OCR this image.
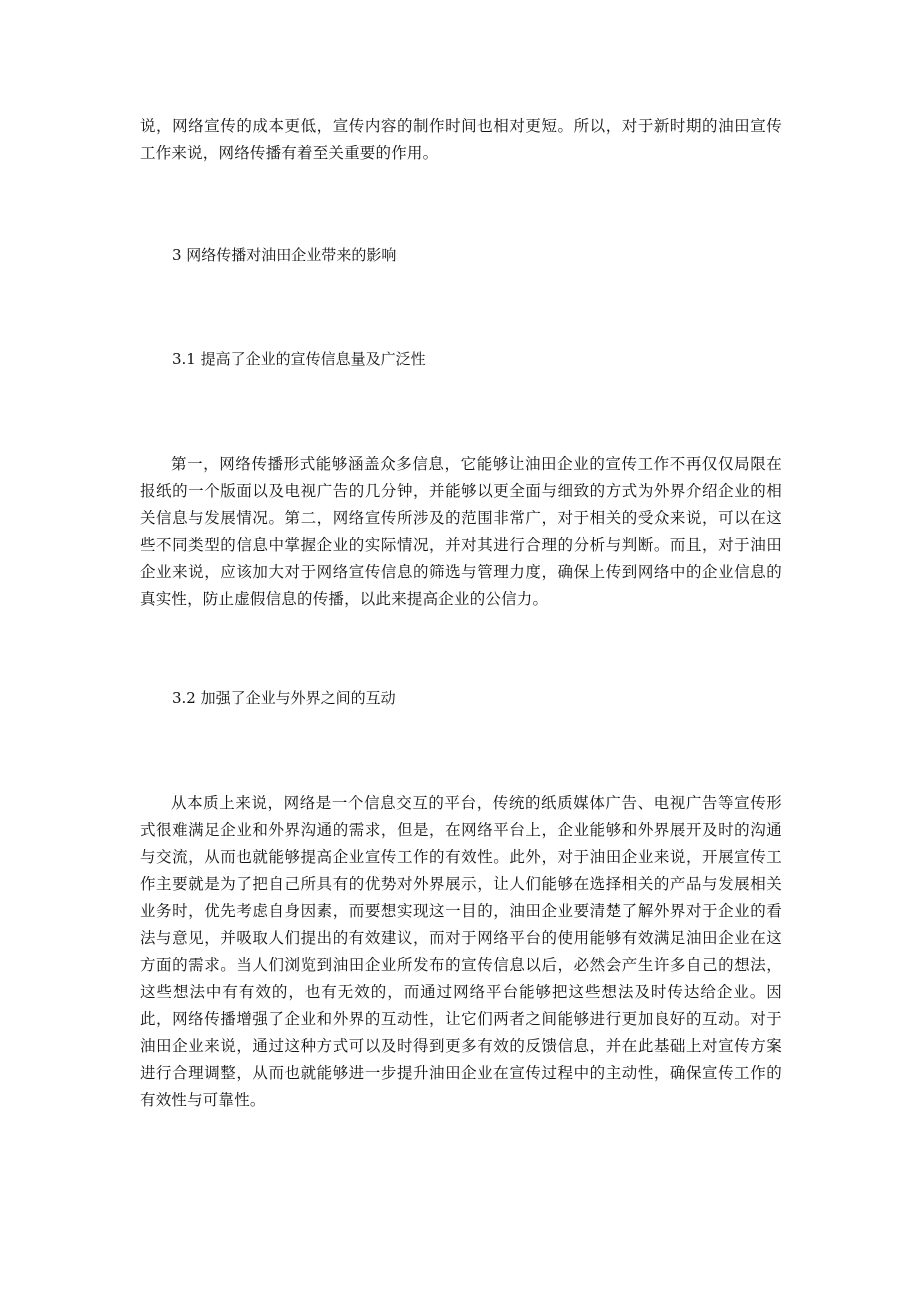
说，网络宣传的成本更低，宣传内容的制作时间也相对更短。所以，对于新时期的油田宣传工作来说，网络传播有着至关重要的作用。

3 网络传播对油田企业带来的影响
3.1 提高了企业的宣传信息量及广泛性

第一，网络传播形式能够涵盖众多信息，它能够让油田企业的宣传工作不再仅仅局限在报纸的一个版面以及电视广告的几分钟，并能够以更全面与细致的方式为外界介绍企业的相关信息与发展情况。第二，网络宣传所涉及的范围非常广，对于相关的受众来说，可以在这些不同类型的信息中掌握企业的实际情况，并对其进行合理的分析与判断。而且，对于油田企业来说，应该加大对于网络宣传信息的筛选与管理力度，确保上传到网络中的企业信息的真实性，防止虚假信息的传播，以此来提高企业的公信力。

3.2 加强了企业与外界之间的互动

从本质上来说，网络是一个信息交互的平台，传统的纸质媒体广告、电视广告等宣传形式很难满足企业和外界沟通的需求，但是，在网络平台上，企业能够和外界展开及时的沟通与交流，从而也就能够提高企业宣传工作的有效性。此外，对于油田企业来说，开展宣传工作主要就是为了把自己所具有的优势对外界展示，让人们能够在选择相关的产品与发展相关业务时，优先考虑自身因素，而要想实现这一目的，油田企业要清楚了解外界对于企业的看法与意见，并吸取人们提出的有效建议，而对于网络平台的使用能够有效满足油田企业在这方面的需求。当人们浏览到油田企业所发布的宣传信息以后，必然会产生许多自己的想法，这些想法中有有效的，也有无效的，而通过网络平台能够把这些想法及时传达给企业。因此，网络传播增强了企业和外界的互动性，让它们两者之间能够进行更加良好的互动。对于油田企业来说，通过这种方式可以及时得到更多有效的反馈信息，并在此基础上对宣传方案进行合理调整，从而也就能够进一步提升油田企业在宣传过程中的主动性，确保宣传工作的有效性与可靠性。
